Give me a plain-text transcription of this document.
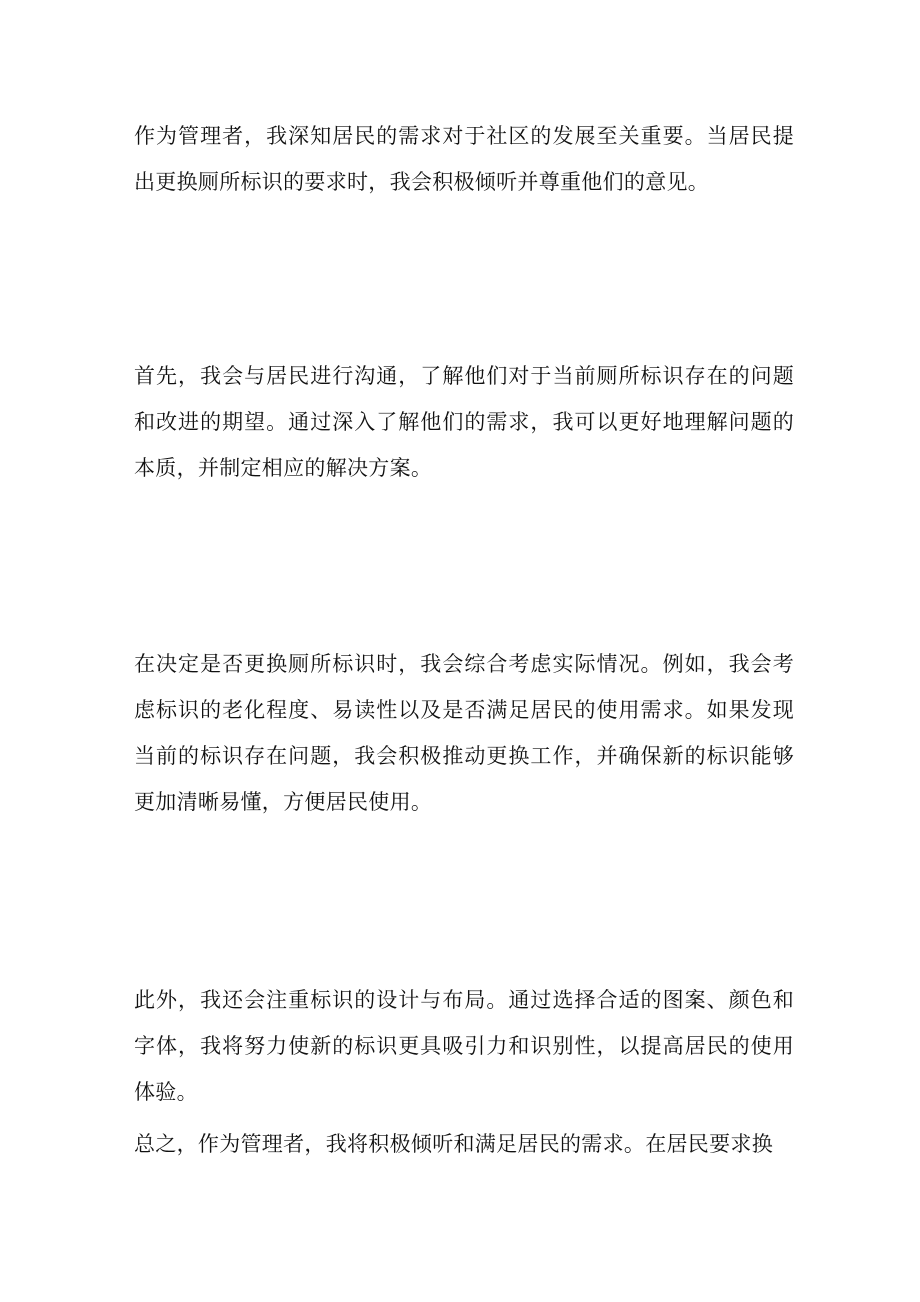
作为管理者，我深知居民的需求对于社区的发展至关重要。当居民提出更换厕所标识的要求时，我会积极倾听并尊重他们的意见。

首先，我会与居民进行沟通，了解他们对于当前厕所标识存在的问题和改进的期望。通过深入了解他们的需求，我可以更好地理解问题的本质，并制定相应的解决方案。

在决定是否更换厕所标识时，我会综合考虑实际情况。例如，我会考虑标识的老化程度、易读性以及是否满足居民的使用需求。如果发现当前的标识存在问题，我会积极推动更换工作，并确保新的标识能够更加清晰易懂，方便居民使用。

此外，我还会注重标识的设计与布局。通过选择合适的图案、颜色和字体，我将努力使新的标识更具吸引力和识别性，以提高居民的使用体验。

总之，作为管理者，我将积极倾听和满足居民的需求。在居民要求换
